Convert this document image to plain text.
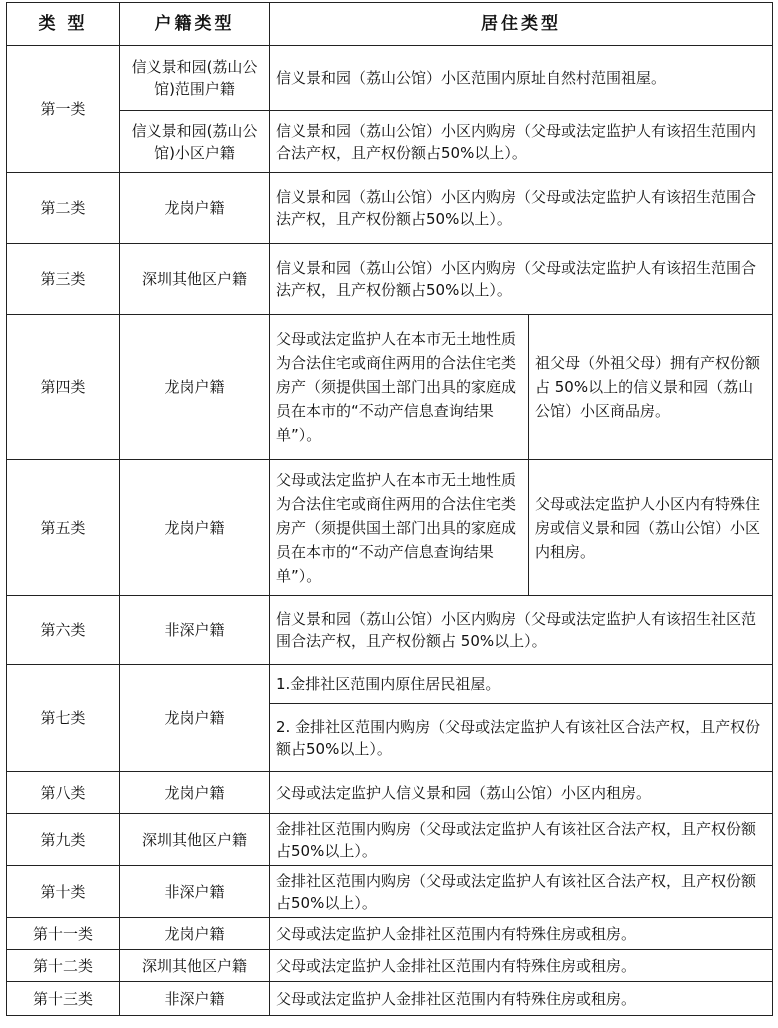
类 型	户籍类型	居住类型	
第一类	信义景和园(荔山公馆)范围户籍	信义景和园（荔山公馆）小区范围内原址自然村范围祖屋。	
	信义景和园(荔山公馆)小区户籍	信义景和园（荔山公馆）小区内购房（父母或法定监护人有该招生范围内合法产权，且产权份额占50%以上）。	
第二类	龙岗户籍	信义景和园（荔山公馆）小区内购房（父母或法定监护人有该招生范围合法产权，且产权份额占50%以上）。	
第三类	深圳其他区户籍	信义景和园（荔山公馆）小区内购房（父母或法定监护人有该招生范围合法产权，且产权份额占50%以上）。	
第四类	龙岗户籍	父母或法定监护人在本市无土地性质为合法住宅或商住两用的合法住宅类房产（须提供国土部门出具的家庭成员在本市的“不动产信息查询结果单”）。	祖父母（外祖父母）拥有产权份额占 50%以上的信义景和园（荔山公馆）小区商品房。
第五类	龙岗户籍	父母或法定监护人在本市无土地性质为合法住宅或商住两用的合法住宅类房产（须提供国土部门出具的家庭成员在本市的“不动产信息查询结果单”）。	父母或法定监护人小区内有特殊住房或信义景和园（荔山公馆）小区内租房。
第六类	非深户籍	信义景和园（荔山公馆）小区内购房（父母或法定监护人有该招生社区范围合法产权，且产权份额占 50%以上）。	
第七类	龙岗户籍	1.金排社区范围内原住居民祖屋。	
		2. 金排社区范围内购房（父母或法定监护人有该社区合法产权，且产权份额占50%以上）。	
第八类	龙岗户籍	父母或法定监护人信义景和园（荔山公馆）小区内租房。	
第九类	深圳其他区户籍	金排社区范围内购房（父母或法定监护人有该社区合法产权，且产权份额占50%以上）。	
第十类	非深户籍	金排社区范围内购房（父母或法定监护人有该社区合法产权，且产权份额占50%以上）。	
第十一类	龙岗户籍	父母或法定监护人金排社区范围内有特殊住房或租房。	
第十二类	深圳其他区户籍	父母或法定监护人金排社区范围内有特殊住房或租房。	
第十三类	非深户籍	父母或法定监护人金排社区范围内有特殊住房或租房。	
